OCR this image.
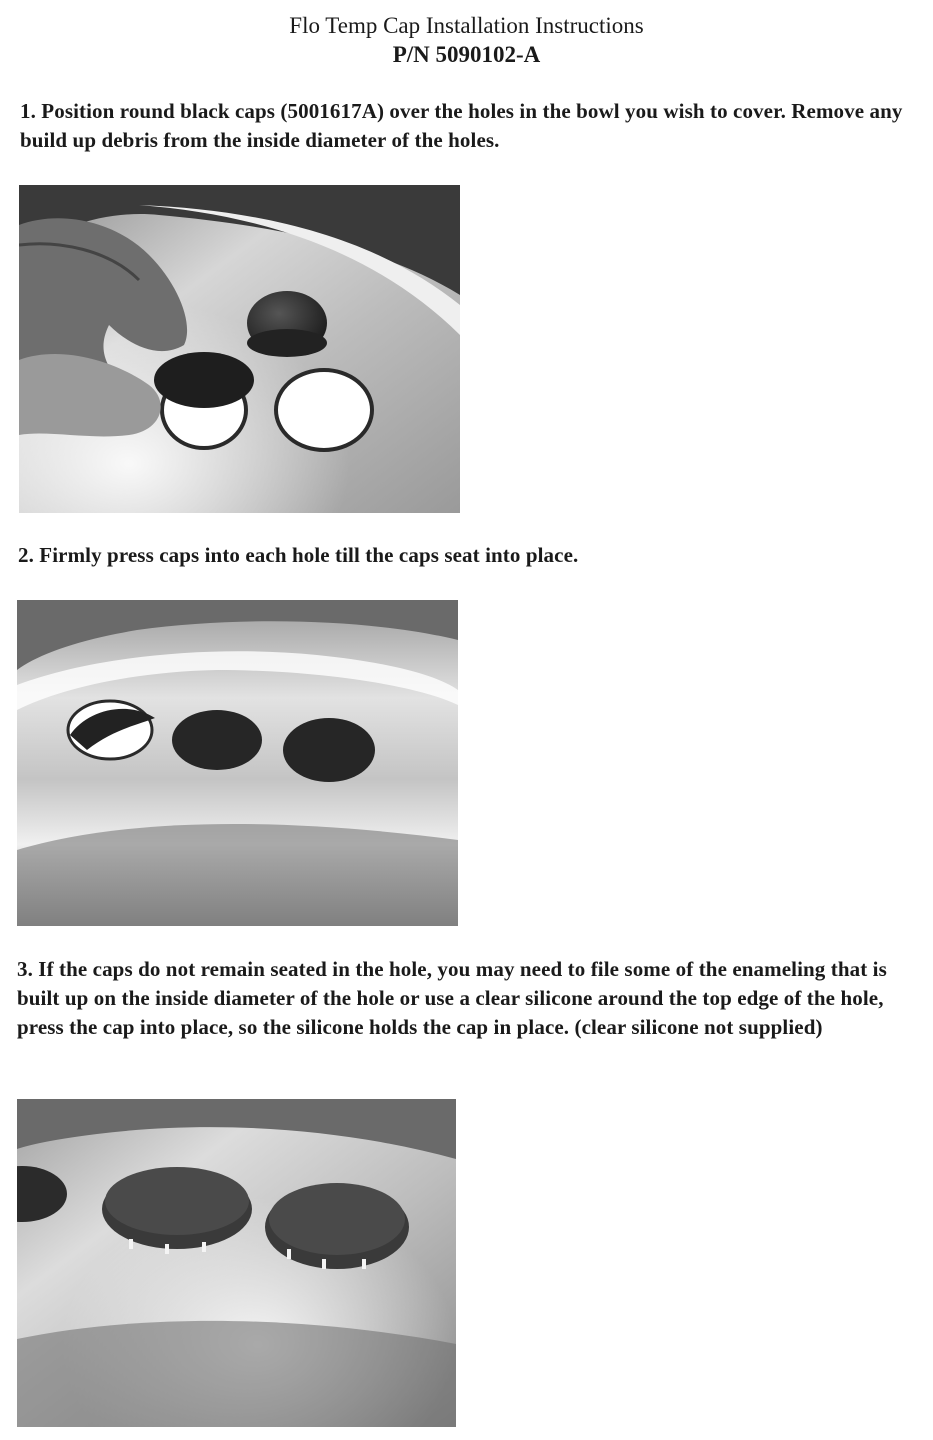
Flo Temp Cap Installation Instructions
P/N 5090102-A
1. Position round black caps (5001617A) over the holes in the bowl you wish to cover. Remove any build up debris from the inside diameter of the holes.
2. Firmly press caps into each hole till the caps seat into place.
3. If the caps do not remain seated in the hole, you may need to file some of the enameling that is built up on the inside diameter of the hole or use a clear silicone around the top edge of the hole, press the cap into place, so the silicone holds the cap in place. (clear silicone not supplied)
